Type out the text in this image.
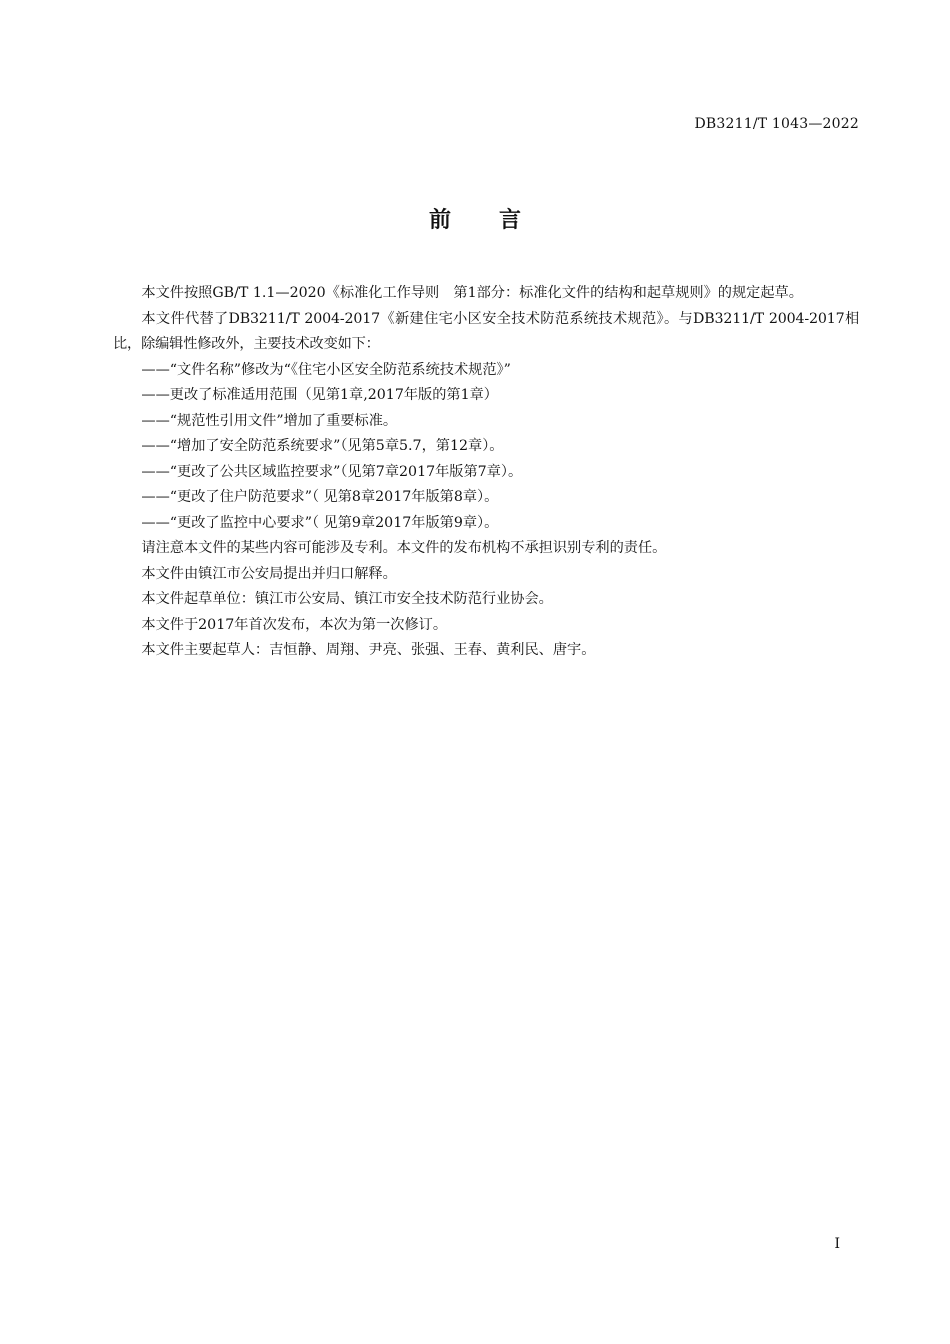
DB3211/T 1043—2022
前 言

本文件按照GB/T 1.1—2020《标准化工作导则　第1部分：标准化文件的结构和起草规则》的规定起草。

本文件代替了DB3211/T 2004-2017《新建住宅小区安全技术防范系统技术规范》。与DB3211/T 2004-2017相比，除编辑性修改外，主要技术改变如下：

——“文件名称”修改为“《住宅小区安全防范系统技术规范》”

——更改了标准适用范围（见第1章,2017年版的第1章）

——“规范性引用文件”增加了重要标准。

——“增加了安全防范系统要求”（见第5章5.7，第12章）。

——“更改了公共区域监控要求”（见第7章2017年版第7章）。

——“更改了住户防范要求”（ 见第8章2017年版第8章）。

——“更改了监控中心要求”（ 见第9章2017年版第9章）。

请注意本文件的某些内容可能涉及专利。本文件的发布机构不承担识别专利的责任。

本文件由镇江市公安局提出并归口解释。

本文件起草单位：镇江市公安局、镇江市安全技术防范行业协会。

本文件于2017年首次发布，本次为第一次修订。

本文件主要起草人：吉恒静、周翔、尹亮、张强、王春、黄利民、唐宇。

I
